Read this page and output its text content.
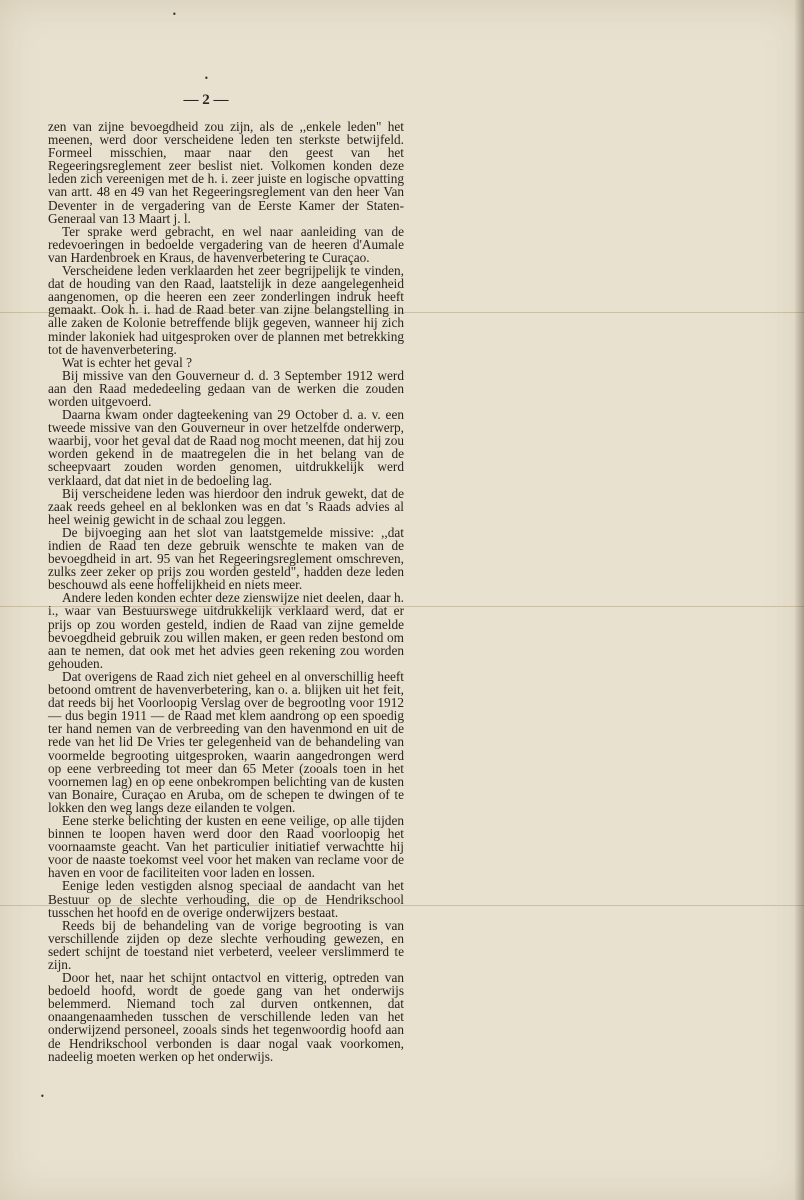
•
•
•
— 2 —

zen van zijne bevoegdheid zou zijn, als de ,,enkele leden" het meenen, werd door verscheidene leden ten sterkste betwijfeld. Formeel misschien, maar naar den geest van het Regeeringsreglement zeer beslist niet. Volkomen konden deze leden zich vereenigen met de h. i. zeer juiste en logische opvatting van artt. 48 en 49 van het Regeeringsreglement van den heer Van Deventer in de vergadering van de Eerste Kamer der Staten-Generaal van 13 Maart j. l.

Ter sprake werd gebracht, en wel naar aanleiding van de redevoeringen in bedoelde vergadering van de heeren d'Aumale van Hardenbroek en Kraus, de havenverbetering te Curaçao.

Verscheidene leden verklaarden het zeer begrijpelijk te vinden, dat de houding van den Raad, laatstelijk in deze aangelegenheid aangenomen, op die heeren een zeer zonderlingen indruk heeft gemaakt. Ook h. i. had de Raad beter van zijne belangstelling in alle zaken de Kolonie betreffende blijk gegeven, wanneer hij zich minder lakoniek had uitgesproken over de plannen met betrekking tot de havenverbetering.

Wat is echter het geval ?

Bij missive van den Gouverneur d. d. 3 September 1912 werd aan den Raad mededeeling gedaan van de werken die zouden worden uitgevoerd.

Daarna kwam onder dagteekening van 29 October d. a. v. een tweede missive van den Gouverneur in over hetzelfde onderwerp, waarbij, voor het geval dat de Raad nog mocht meenen, dat hij zou worden gekend in de maatregelen die in het belang van de scheepvaart zouden worden genomen, uitdrukkelijk werd verklaard, dat dat niet in de bedoeling lag.

Bij verscheidene leden was hierdoor den indruk gewekt, dat de zaak reeds geheel en al beklonken was en dat 's Raads advies al heel weinig gewicht in de schaal zou leggen.

De bijvoeging aan het slot van laatstgemelde missive: ,,dat indien de Raad ten deze gebruik wenschte te maken van de bevoegdheid in art. 95 van het Regeeringsreglement omschreven, zulks zeer zeker op prijs zou worden gesteld", hadden deze leden beschouwd als eene hoffelijkheid en niets meer.

Andere leden konden echter deze zienswijze niet deelen, daar h. i., waar van Bestuurswege uitdrukkelijk verklaard werd, dat er prijs op zou worden gesteld, indien de Raad van zijne gemelde bevoegdheid gebruik zou willen maken, er geen reden bestond om aan te nemen, dat ook met het advies geen rekening zou worden gehouden.

Dat overigens de Raad zich niet geheel en al onverschillig heeft betoond omtrent de havenverbetering, kan o. a. blijken uit het feit, dat reeds bij het Voorloopig Verslag over de begrootlng voor 1912 — dus begin 1911 — de Raad met klem aandrong op een spoedig ter hand nemen van de verbreeding van den havenmond en uit de rede van het lid De Vries ter gelegenheid van de behandeling van voormelde begrooting uitgesproken, waarin aangedrongen werd op eene verbreeding tot meer dan 65 Meter (zooals toen in het voornemen lag) en op eene onbekrompen belichting van de kusten van Bonaire, Curaçao en Aruba, om de schepen te dwingen of te lokken den weg langs deze eilanden te volgen.

Eene sterke belichting der kusten en eene veilige, op alle tijden binnen te loopen haven werd door den Raad voorloopig het voornaamste geacht. Van het particulier initiatief verwachtte hij voor de naaste toekomst veel voor het maken van reclame voor de haven en voor de faciliteiten voor laden en lossen.

Eenige leden vestigden alsnog speciaal de aandacht van het Bestuur op de slechte verhouding, die op de Hendrikschool tusschen het hoofd en de overige onderwijzers bestaat.

Reeds bij de behandeling van de vorige begrooting is van verschillende zijden op deze slechte verhouding gewezen, en sedert schijnt de toestand niet verbeterd, veeleer verslimmerd te zijn.

Door het, naar het schijnt ontactvol en vitterig, optreden van bedoeld hoofd, wordt de goede gang van het onderwijs belemmerd. Niemand toch zal durven ontkennen, dat onaangenaamheden tusschen de verschillende leden van het onderwijzend personeel, zooals sinds het tegenwoordig hoofd aan de Hendrikschool verbonden is daar nogal vaak voorkomen, nadeelig moeten werken op het onderwijs.
